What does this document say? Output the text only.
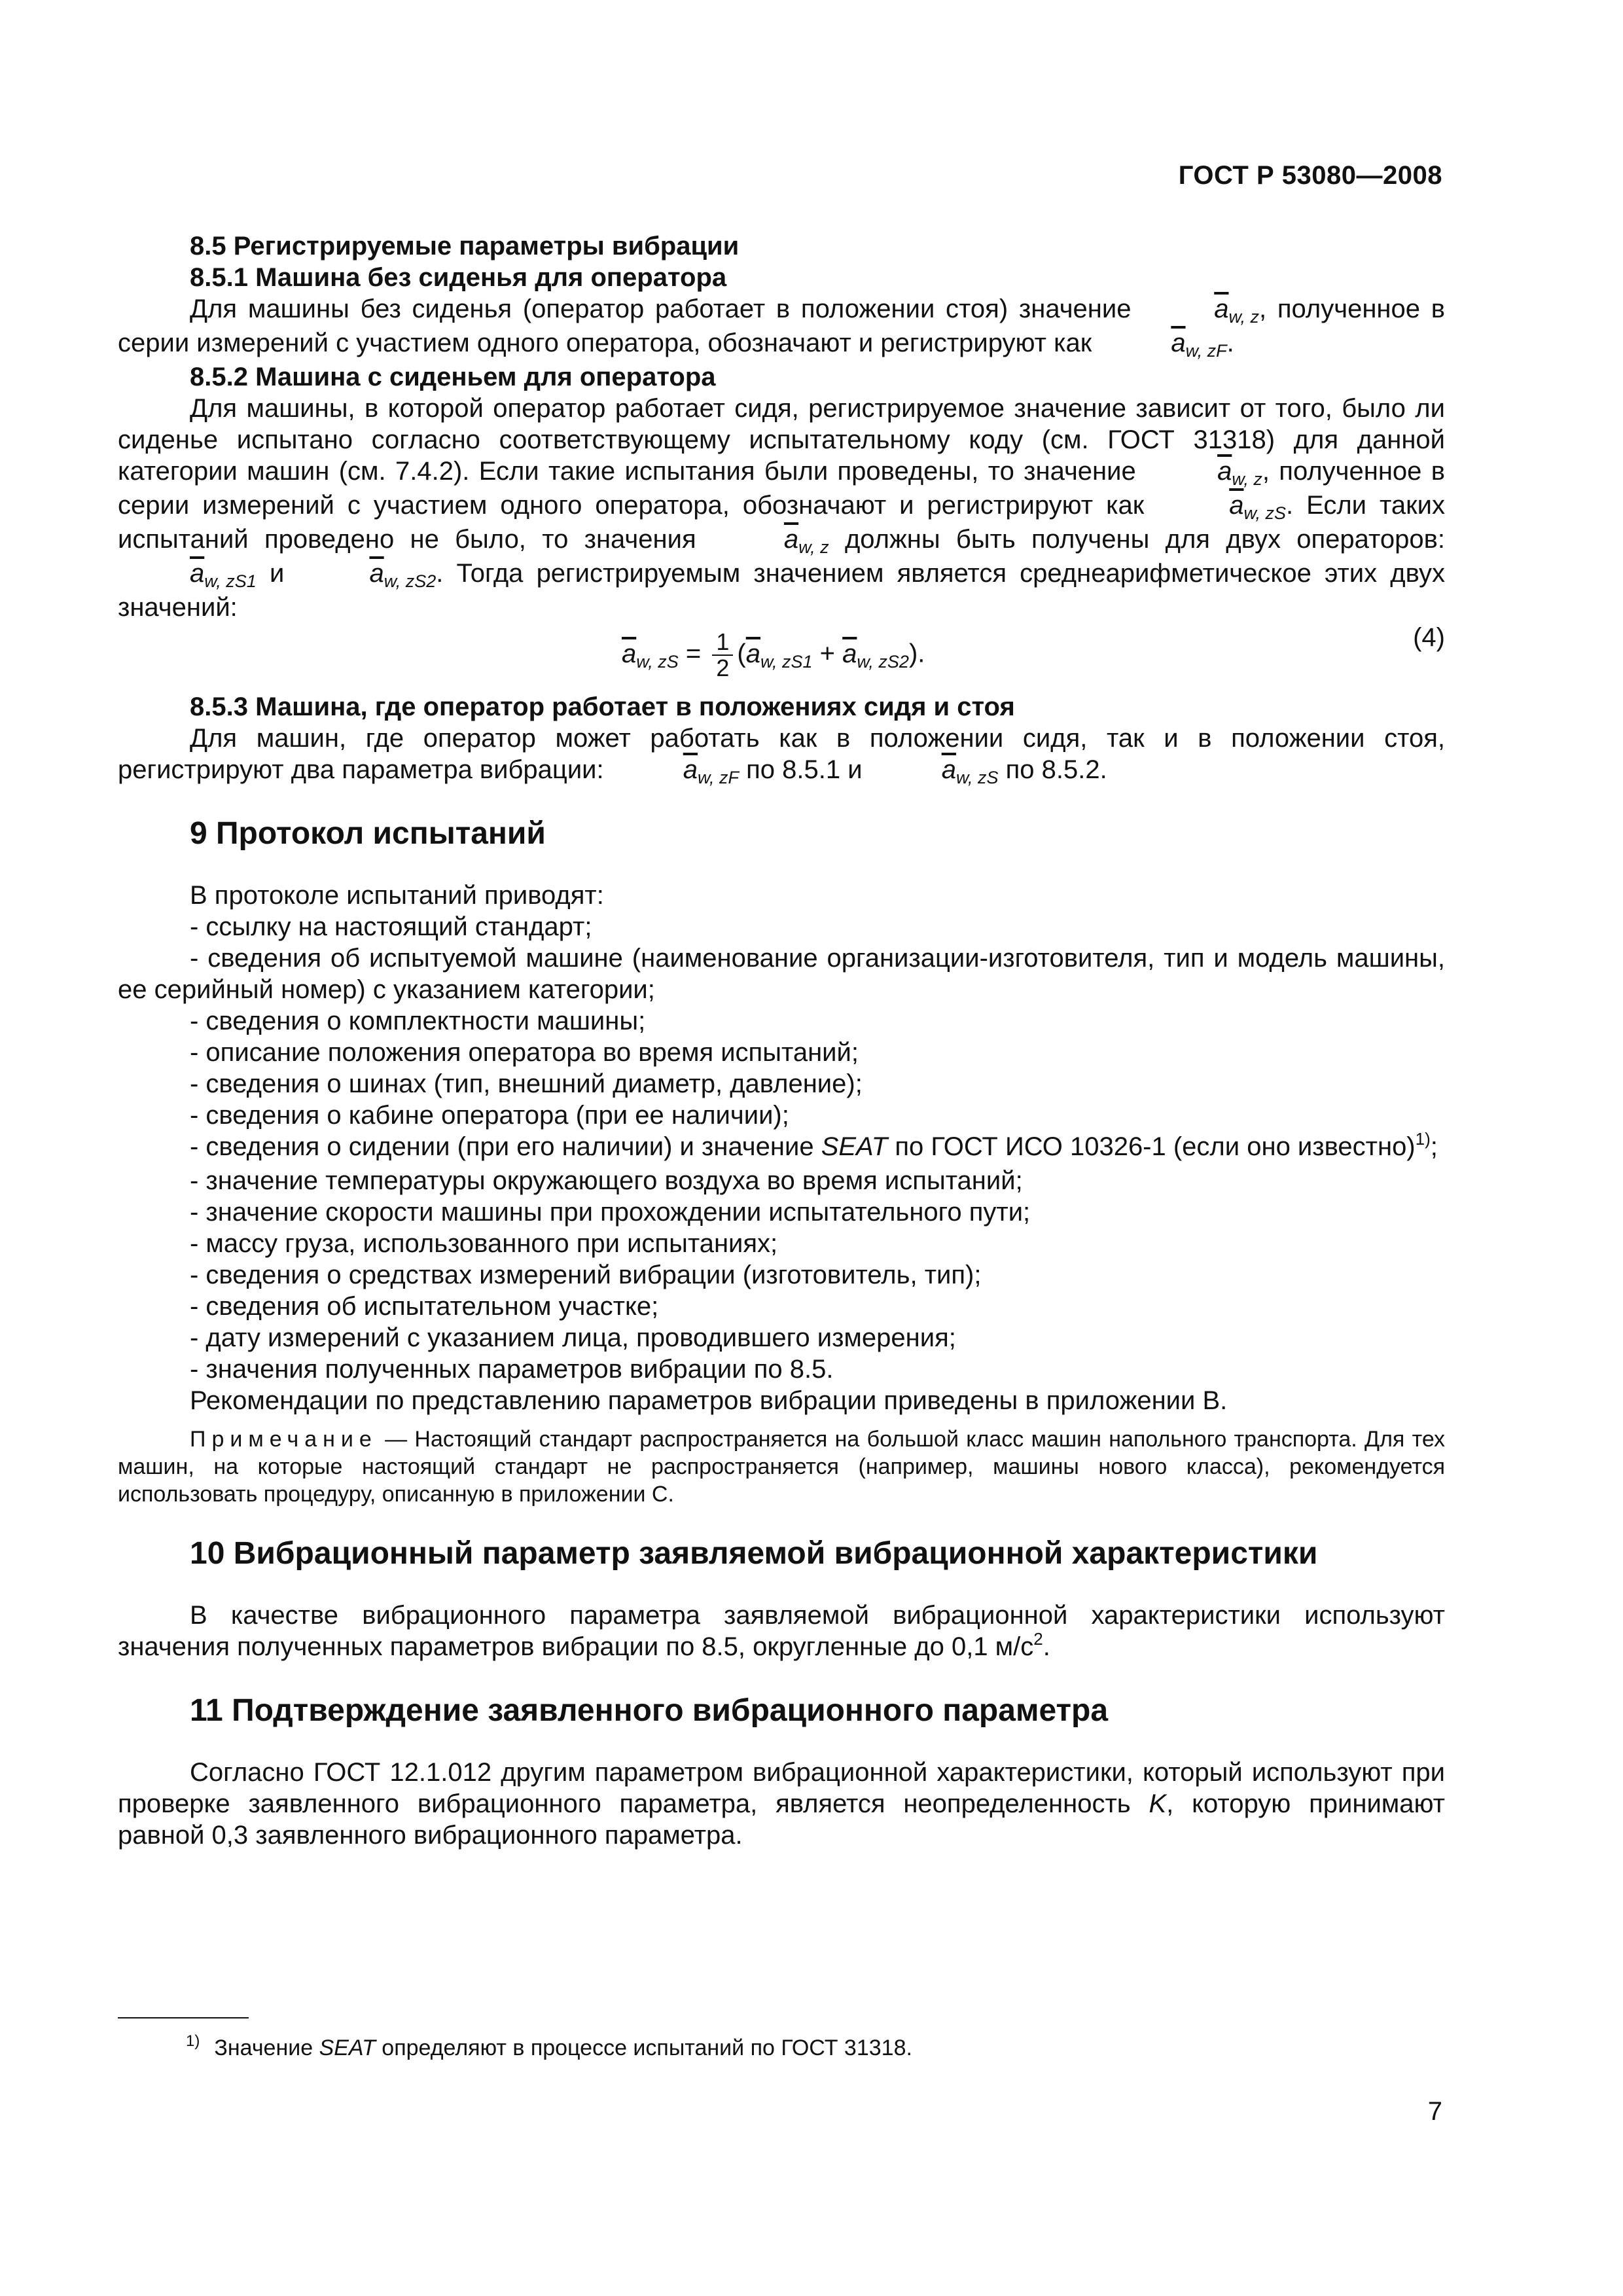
ГОСТ Р 53080—2008

8.5 Регистрируемые параметры вибрации

8.5.1 Машина без сиденья для оператора

Для машины без сиденья (оператор работает в положении стоя) значение	$\overline{a}_{w, z}$, полученное в серии измерений с участием одного оператора, обозначают и регистрируют как	$\overline{a}_{w, zF}$.

8.5.2 Машина с сиденьем для оператора

Для машины, в которой оператор работает сидя, регистрируемое значение зависит от того, было ли сиденье испытано согласно соответствующему испытательному коду (см. ГОСТ 31318) для данной категории машин (см. 7.4.2). Если такие испытания были проведены, то значение	$\overline{a}_{w, z}$, полученное в серии измерений с участием одного оператора, обозначают и регистрируют как	$\overline{a}_{w, zS}$. Если таких испытаний проведено не было, то значения	$\overline{a}_{w, z}$ должны быть получены для двух операторов: $\overline{a}_{w, zS1}$ и	$\overline{a}_{w, zS2}$. Тогда регистрируемым значением является среднеарифметическое этих двух значений:

$\overline{a}_{w, zS} = \frac{1}{2} (\overline{a}_{w, zS1} + \overline{a}_{w, zS2})$.
(4)

8.5.3 Машина, где оператор работает в положениях сидя и стоя

Для машин, где оператор может работать как в положении сидя, так и в положении стоя, регистрируют два параметра вибрации:	$\overline{a}_{w, zF}$ по 8.5.1 и	$\overline{a}_{w, zS}$ по 8.5.2.

9 Протокол испытаний

В протоколе испытаний приводят:

- ссылку на настоящий стандарт;

- сведения об испытуемой машине (наименование организации-изготовителя, тип и модель машины, ее серийный номер) с указанием категории;

- сведения о комплектности машины;

- описание положения оператора во время испытаний;

- сведения о шинах (тип, внешний диаметр, давление);

- сведения о кабине оператора (при ее наличии);

- сведения о сидении (при его наличии) и значение SEAT по ГОСТ ИСО 10326-1 (если оно известно)$^{1)}$;

- значение температуры окружающего воздуха во время испытаний;

- значение скорости машины при прохождении испытательного пути;

- массу груза, использованного при испытаниях;

- сведения о средствах измерений вибрации (изготовитель, тип);

- сведения об испытательном участке;

- дату измерений с указанием лица, проводившего измерения;

- значения полученных параметров вибрации по 8.5.

Рекомендации по представлению параметров вибрации приведены в приложении В.

Примечание — Настоящий стандарт распространяется на большой класс машин напольного транспорта. Для тех машин, на которые настоящий стандарт не распространяется (например, машины нового класса), рекомендуется использовать процедуру, описанную в приложении С.

10 Вибрационный параметр заявляемой вибрационной характеристики

В качестве вибрационного параметра заявляемой вибрационной характеристики используют значения полученных параметров вибрации по 8.5, округленные до 0,1 $м/с^2$.

11 Подтверждение заявленного вибрационного параметра

Согласно ГОСТ 12.1.012 другим параметром вибрационной характеристики, который используют при проверке заявленного вибрационного параметра, является неопределенность K, которую принимают равной 0,3 заявленного вибрационного параметра.

$^{1)}$ Значение SEAT определяют в процессе испытаний по ГОСТ 31318.
7
